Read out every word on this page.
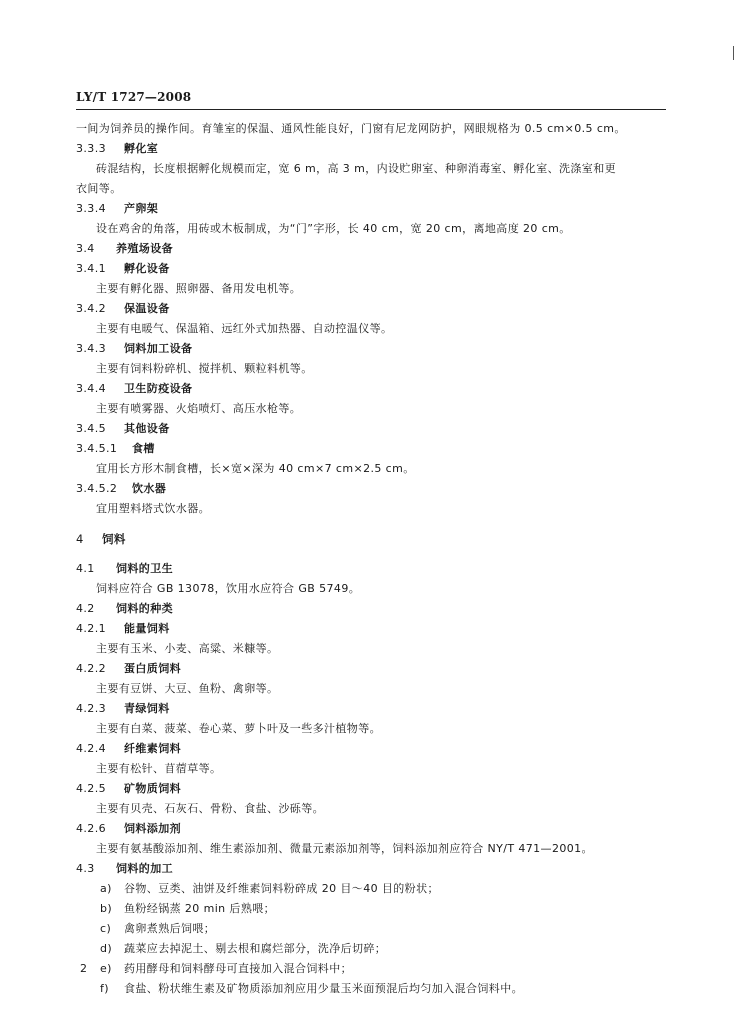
LY/T 1727—2008
一间为饲养员的操作间。育雏室的保温、通风性能良好，门窗有尼龙网防护，网眼规格为 0.5 cm×0.5 cm。
3.3.3 孵化室
砖混结构，长度根据孵化规模而定，宽 6 m，高 3 m，内设贮卵室、种卵消毒室、孵化室、洗涤室和更
衣间等。
3.3.4 产卵架
设在鸡舍的角落，用砖或木板制成，为“门”字形，长 40 cm，宽 20 cm，离地高度 20 cm。
3.4 养殖场设备
3.4.1 孵化设备
主要有孵化器、照卵器、备用发电机等。
3.4.2 保温设备
主要有电暖气、保温箱、远红外式加热器、自动控温仪等。
3.4.3 饲料加工设备
主要有饲料粉碎机、搅拌机、颗粒料机等。
3.4.4 卫生防疫设备
主要有喷雾器、火焰喷灯、高压水枪等。
3.4.5 其他设备
3.4.5.1 食槽
宜用长方形木制食槽，长×宽×深为 40 cm×7 cm×2.5 cm。
3.4.5.2 饮水器
宜用塑料塔式饮水器。
4 饲料
4.1 饲料的卫生
饲料应符合 GB 13078，饮用水应符合 GB 5749。
4.2 饲料的种类
4.2.1 能量饲料
主要有玉米、小麦、高粱、米糠等。
4.2.2 蛋白质饲料
主要有豆饼、大豆、鱼粉、禽卵等。
4.2.3 青绿饲料
主要有白菜、菠菜、卷心菜、萝卜叶及一些多汁植物等。
4.2.4 纤维素饲料
主要有松针、苜蓿草等。
4.2.5 矿物质饲料
主要有贝壳、石灰石、骨粉、食盐、沙砾等。
4.2.6 饲料添加剂
主要有氨基酸添加剂、维生素添加剂、微量元素添加剂等，饲料添加剂应符合 NY/T 471—2001。
4.3 饲料的加工
a) 谷物、豆类、油饼及纤维素饲料粉碎成 20 目～40 目的粉状；
b) 鱼粉经锅蒸 20 min 后熟喂；
c) 禽卵煮熟后饲喂；
d) 蔬菜应去掉泥土、剔去根和腐烂部分，洗净后切碎；
e) 药用酵母和饲料酵母可直接加入混合饲料中；
f) 食盐、粉状维生素及矿物质添加剂应用少量玉米面预混后均匀加入混合饲料中。
2
